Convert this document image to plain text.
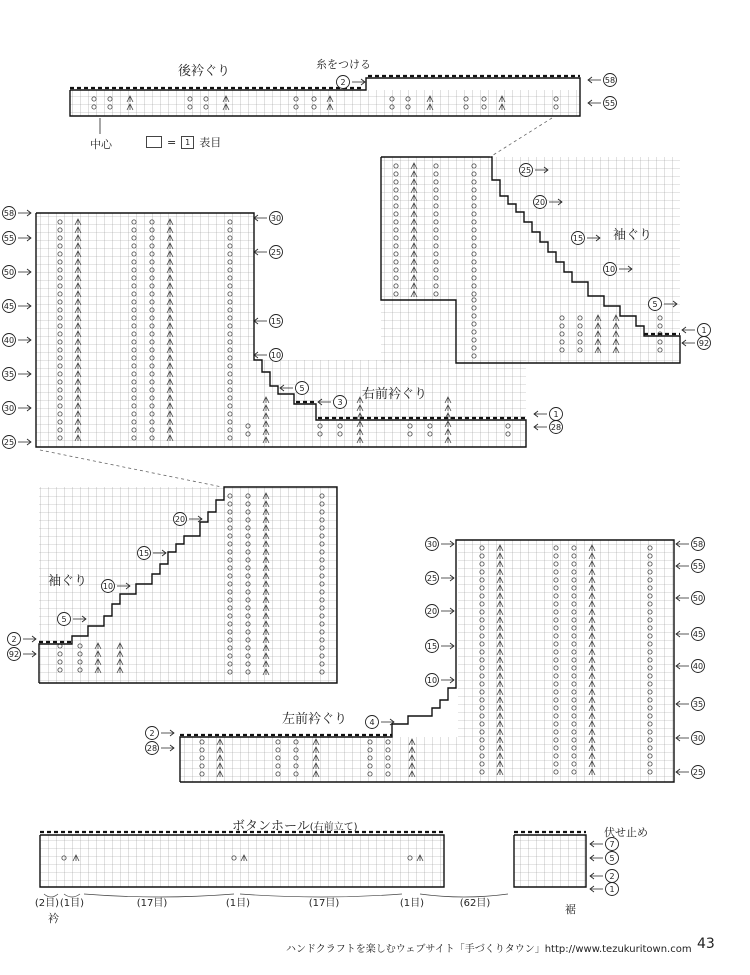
2	58
55
25
20
15
10
5
1
92
58
55
50
45
40
35
30
25
30
25
15
10
5
3
1
28
20
15
10
5
2
92
30
25
20
15
10
4
2
28
58
55
50
45
40
35
30
25
7
5
2
1
(2目) (1目)	(17目)	(1目)	(17目)	(1目)	(62目)
後衿ぐり	糸をつける
中心
袖ぐり
右前衿ぐり
袖ぐり
左前衿ぐり
ボタンホール(右前立て)	伏せ止め
衿
裾
=	1 表目
ハンドクラフトを楽しむウェブサイト「手づくりタウン」http://www.tezukuritown.com 43
